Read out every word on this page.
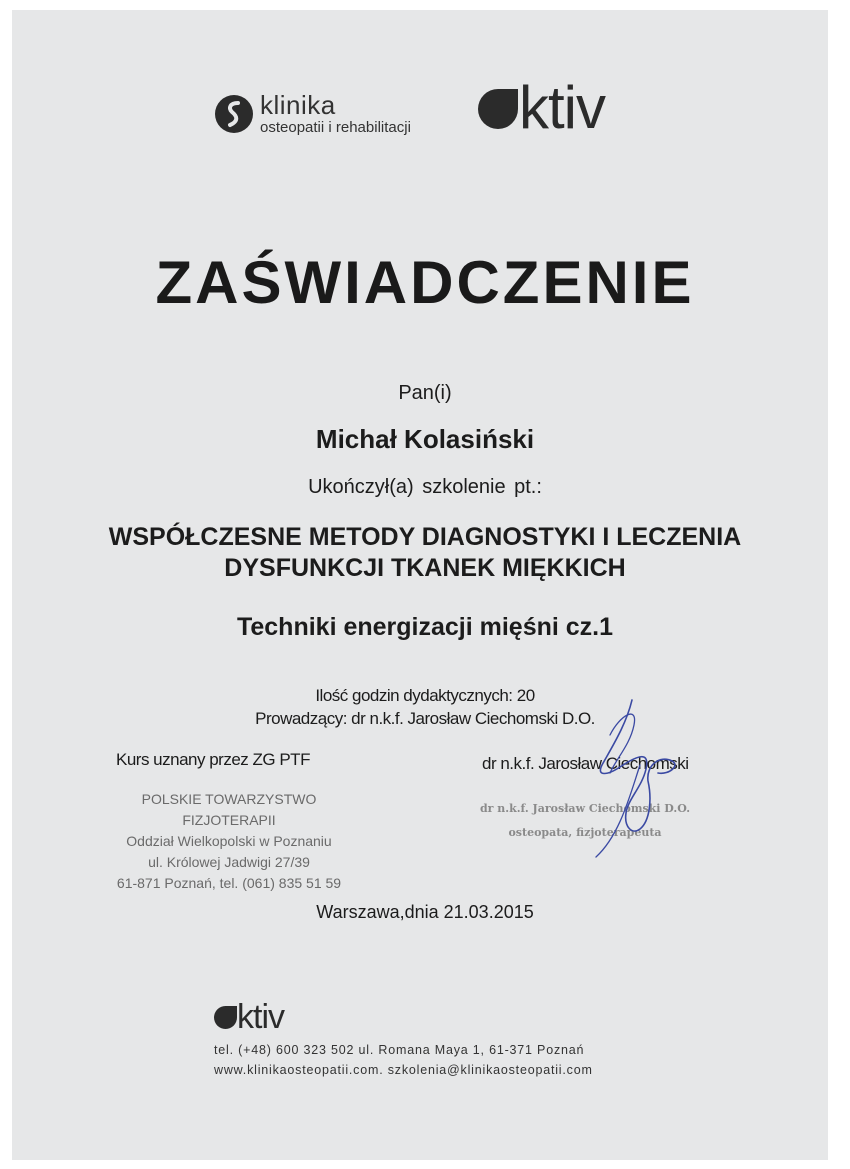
klinika
osteopatii i rehabilitacji	ktiv
ZAŚWIADCZENIE
Pan(i)
Michał Kolasiński
Ukończył(a) szkolenie pt.:
WSPÓŁCZESNE METODY DIAGNOSTYKI I LECZENIA
DYSFUNKCJI TKANEK MIĘKKICH
Techniki energizacji mięśni cz.1
Ilość godzin dydaktycznych: 20
Prowadzący: dr n.k.f. Jarosław Ciechomski D.O.
Kurs uznany przez ZG PTF	dr n.k.f. Jarosław Ciechomski
POLSKIE TOWARZYSTWO FIZJOTERAPII
Oddział Wielkopolski w Poznaniu
ul. Królowej Jadwigi 27/39
61-871 Poznań, tel. (061) 835 51 59
dr n.k.f. Jarosław Ciechomski D.O.
osteopata, fizjoterapeuta
Warszawa,dnia 21.03.2015
ktiv
tel. (+48) 600 323 502 ul. Romana Maya 1, 61-371 Poznań
www.klinikaosteopatii.com. szkolenia@klinikaosteopatii.com
